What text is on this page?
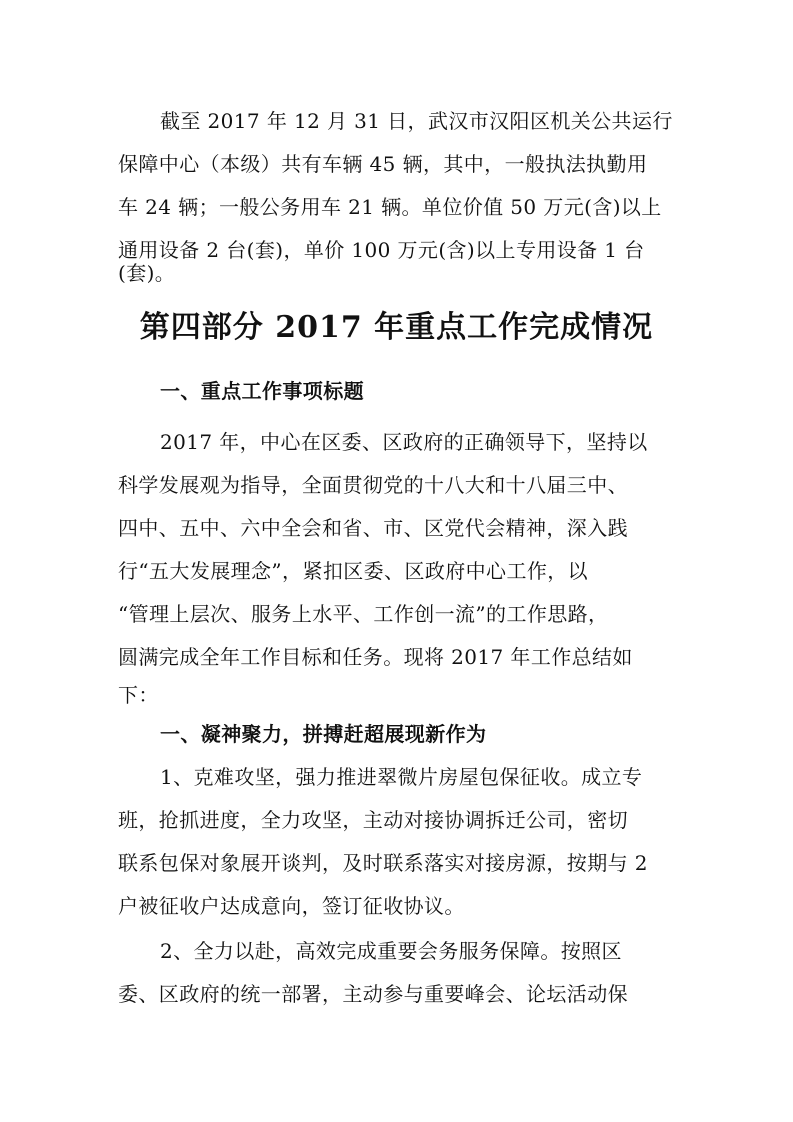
截至 2017 年 12 月 31 日，武汉市汉阳区机关公共运行
保障中心（本级）共有车辆 45 辆，其中，一般执法执勤用
车 24 辆；一般公务用车 21 辆。单位价值 50 万元(含)以上
通用设备 2 台(套)，单价 100 万元(含)以上专用设备 1 台
(套)。
第四部分 2017 年重点工作完成情况
一、重点工作事项标题
2017 年，中心在区委、区政府的正确领导下，坚持以
科学发展观为指导，全面贯彻党的十八大和十八届三中、
四中、五中、六中全会和省、市、区党代会精神，深入践
行“五大发展理念”，紧扣区委、区政府中心工作，以
“管理上层次、服务上水平、工作创一流”的工作思路，
圆满完成全年工作目标和任务。现将 2017 年工作总结如
下：
一、凝神聚力，拼搏赶超展现新作为
1、克难攻坚，强力推进翠微片房屋包保征收。成立专
班，抢抓进度，全力攻坚，主动对接协调拆迁公司，密切
联系包保对象展开谈判，及时联系落实对接房源，按期与 2
户被征收户达成意向，签订征收协议。
2、全力以赴，高效完成重要会务服务保障。按照区
委、区政府的统一部署，主动参与重要峰会、论坛活动保
